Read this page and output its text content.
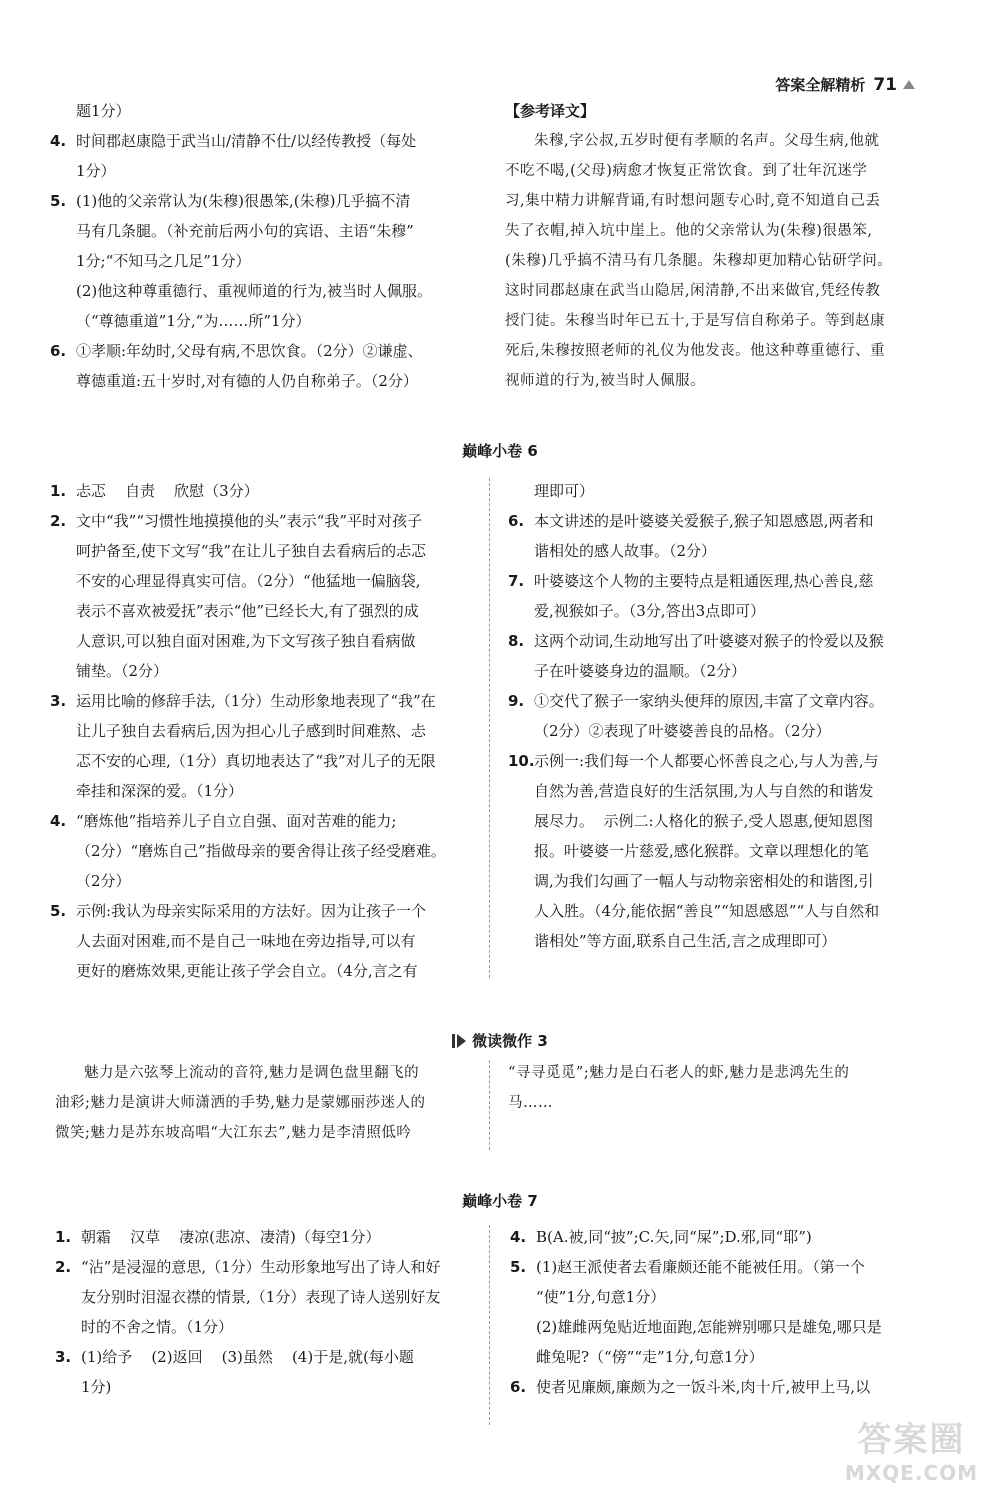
答案全解精析 71
题1分）
4. 时间郡赵康隐于武当山/清静不仕/以经传教授（每处
1分）
5. (1)他的父亲常认为(朱穆)很愚笨,(朱穆)几乎搞不清
马有几条腿。（补充前后两小句的宾语、主语“朱穆”
1分;“不知马之几足”1分）
(2)他这种尊重德行、重视师道的行为,被当时人佩服。
（“尊德重道”1分,“为……所”1分）
6. ①孝顺:年幼时,父母有病,不思饮食。（2分）②谦虚、
尊德重道:五十岁时,对有德的人仍自称弟子。（2分）
【参考译文】
朱穆,字公叔,五岁时便有孝顺的名声。父母生病,他就
不吃不喝,(父母)病愈才恢复正常饮食。到了壮年沉迷学
习,集中精力讲解背诵,有时想问题专心时,竟不知道自己丢
失了衣帽,掉入坑中崖上。他的父亲常认为(朱穆)很愚笨,
(朱穆)几乎搞不清马有几条腿。朱穆却更加精心钻研学问。
这时同郡赵康在武当山隐居,闲清静,不出来做官,凭经传教
授门徒。朱穆当时年已五十,于是写信自称弟子。等到赵康
死后,朱穆按照老师的礼仪为他发丧。他这种尊重德行、重
视师道的行为,被当时人佩服。
巅峰小卷 6
1. 忐忑    自责    欣慰（3分）
2. 文中“我”“习惯性地摸摸他的头”表示“我”平时对孩子
呵护备至,使下文写“我”在让儿子独自去看病后的忐忑
不安的心理显得真实可信。（2分）“他猛地一偏脑袋,
表示不喜欢被爱抚”表示“他”已经长大,有了强烈的成
人意识,可以独自面对困难,为下文写孩子独自看病做
铺垫。（2分）
3. 运用比喻的修辞手法,（1分）生动形象地表现了“我”在
让儿子独自去看病后,因为担心儿子感到时间难熬、忐
忑不安的心理,（1分）真切地表达了“我”对儿子的无限
牵挂和深深的爱。（1分）
4. “磨炼他”指培养儿子自立自强、面对苦难的能力;
（2分）“磨炼自己”指做母亲的要舍得让孩子经受磨难。
（2分）
5. 示例:我认为母亲实际采用的方法好。因为让孩子一个
人去面对困难,而不是自己一味地在旁边指导,可以有
更好的磨炼效果,更能让孩子学会自立。（4分,言之有
理即可）
6. 本文讲述的是叶婆婆关爱猴子,猴子知恩感恩,两者和
谐相处的感人故事。（2分）
7. 叶婆婆这个人物的主要特点是粗通医理,热心善良,慈
爱,视猴如子。（3分,答出3点即可）
8. 这两个动词,生动地写出了叶婆婆对猴子的怜爱以及猴
子在叶婆婆身边的温顺。（2分）
9. ①交代了猴子一家纳头便拜的原因,丰富了文章内容。
（2分）②表现了叶婆婆善良的品格。（2分）
10. 示例一:我们每一个人都要心怀善良之心,与人为善,与
自然为善,营造良好的生活氛围,为人与自然的和谐发
展尽力。  示例二:人格化的猴子,受人恩惠,便知恩图
报。叶婆婆一片慈爱,感化猴群。文章以理想化的笔
调,为我们勾画了一幅人与动物亲密相处的和谐图,引
人入胜。（4分,能依据“善良”“知恩感恩”“人与自然和
谐相处”等方面,联系自己生活,言之成理即可）
微读微作 3
魅力是六弦琴上流动的音符,魅力是调色盘里翻飞的
油彩;魅力是演讲大师潇洒的手势,魅力是蒙娜丽莎迷人的
微笑;魅力是苏东坡高唱“大江东去”,魅力是李清照低吟
“寻寻觅觅”;魅力是白石老人的虾,魅力是悲鸿先生的
马……
巅峰小卷 7
1. 朝霜    汉草    凄凉(悲凉、凄清)（每空1分）
2. “沾”是浸湿的意思,（1分）生动形象地写出了诗人和好
友分别时泪湿衣襟的情景,（1分）表现了诗人送别好友
时的不舍之情。（1分）
3. (1)给予    (2)返回    (3)虽然    (4)于是,就(每小题
1分)
4. B(A.被,同“披”;C.矢,同“屎”;D.邪,同“耶”)
5. (1)赵王派使者去看廉颇还能不能被任用。（第一个
“使”1分,句意1分）
(2)雄雌两兔贴近地面跑,怎能辨别哪只是雄兔,哪只是
雌兔呢?（“傍”“走”1分,句意1分）
6. 使者见廉颇,廉颇为之一饭斗米,肉十斤,被甲上马,以
答案圈
MXQE.COM
